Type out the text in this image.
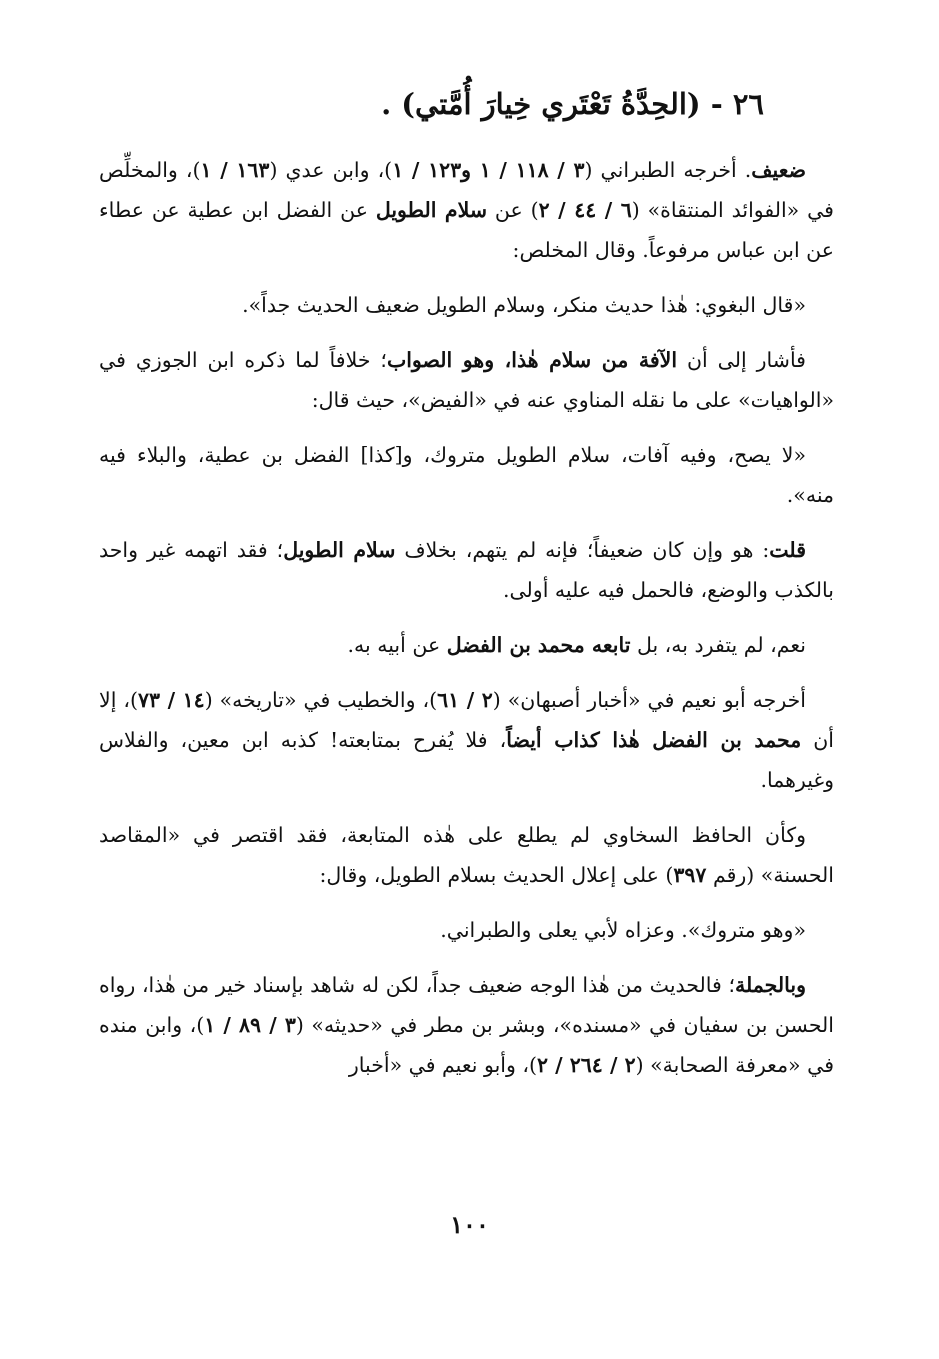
٢٦ - (الحِدَّةُ تَعْتَري خِيارَ أُمَّتي) .

ضعيف. أخرجه الطبراني (٣ / ١١٨ / ١ و١٢٣ / ١)، وابن عدي (١٦٣ / ١)، والمخلِّص في «الفوائد المنتقاة» (٦ / ٤٤ / ٢) عن سلام الطويل عن الفضل ابن عطية عن عطاء عن ابن عباس مرفوعاً. وقال المخلص:

«قال البغوي: هٰذا حديث منكر، وسلام الطويل ضعيف الحديث جداً».

فأشار إلى أن الآفة من سلام هٰذا، وهو الصواب؛ خلافاً لما ذكره ابن الجوزي في «الواهيات» على ما نقله المناوي عنه في «الفيض»، حيث قال:

«لا يصح، وفيه آفات، سلام الطويل متروك، و[كذا] الفضل بن عطية، والبلاء فيه منه».

قلت: هو وإن كان ضعيفاً؛ فإنه لم يتهم، بخلاف سلام الطويل؛ فقد اتهمه غير واحد بالكذب والوضع، فالحمل فيه عليه أولى.

نعم، لم يتفرد به، بل تابعه محمد بن الفضل عن أبيه به.

أخرجه أبو نعيم في «أخبار أصبهان» (٢ / ٦١)، والخطيب في «تاريخه» (١٤ / ٧٣)، إلا أن محمد بن الفضل هٰذا كذاب أيضاً، فلا يُفرح بمتابعته! كذبه ابن معين، والفلاس وغيرهما.

وكأن الحافظ السخاوي لم يطلع على هٰذه المتابعة، فقد اقتصر في «المقاصد الحسنة» (رقم ٣٩٧) على إعلال الحديث بسلام الطويل، وقال:

«وهو متروك». وعزاه لأبي يعلى والطبراني.

وبالجملة؛ فالحديث من هٰذا الوجه ضعيف جداً، لكن له شاهد بإسناد خير من هٰذا، رواه الحسن بن سفيان في «مسنده»، وبشر بن مطر في «حديثه» (٣ / ٨٩ / ١)، وابن منده في «معرفة الصحابة» (٢ / ٢٦٤ / ٢)، وأبو نعيم في «أخبار

١٠٠
